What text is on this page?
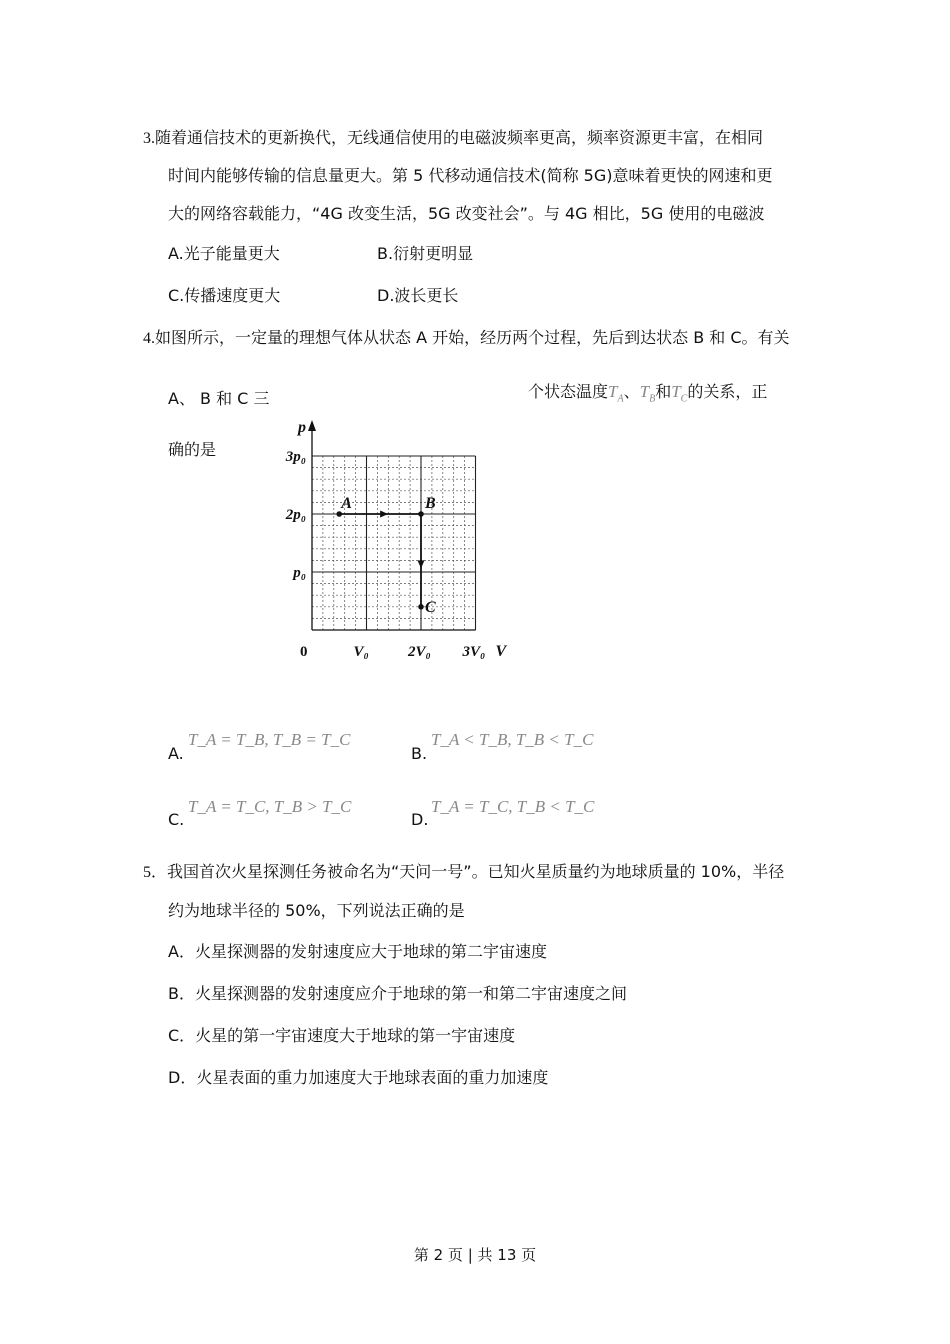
3.随着通信技术的更新换代，无线通信使用的电磁波频率更高，频率资源更丰富，在相同
时间内能够传输的信息量更大。第 5 代移动通信技术(简称 5G)意味着更快的网速和更
大的网络容载能力，“4G 改变生活，5G 改变社会”。与 4G 相比，5G 使用的电磁波
A.光子能量更大	B.衍射更明显
C.传播速度更大	D.波长更长
4.如图所示，一定量的理想气体从状态 A 开始，经历两个过程，先后到达状态 B 和 C。有关
A、 B 和 C 三	个状态温度$T_A$、$T_B$和$T_C$的关系，正
确的是
A	B
C
0	V₀	2V₀ 3V₀
p₀
2p₀
3p₀
V
p
A.
T_A = T_B, T_B = T_C
B.
T_A < T_B, T_B < T_C
C.
T_A = T_C, T_B > T_C
D.
T_A = T_C, T_B < T_C
5．我国首次火星探测任务被命名为“天问一号”。已知火星质量约为地球质量的 10%，半径
约为地球半径的 50%，下列说法正确的是
A．火星探测器的发射速度应大于地球的第二宇宙速度
B．火星探测器的发射速度应介于地球的第一和第二宇宙速度之间
C．火星的第一宇宙速度大于地球的第一宇宙速度
D．火星表面的重力加速度大于地球表面的重力加速度
第 2 页 | 共 13 页
